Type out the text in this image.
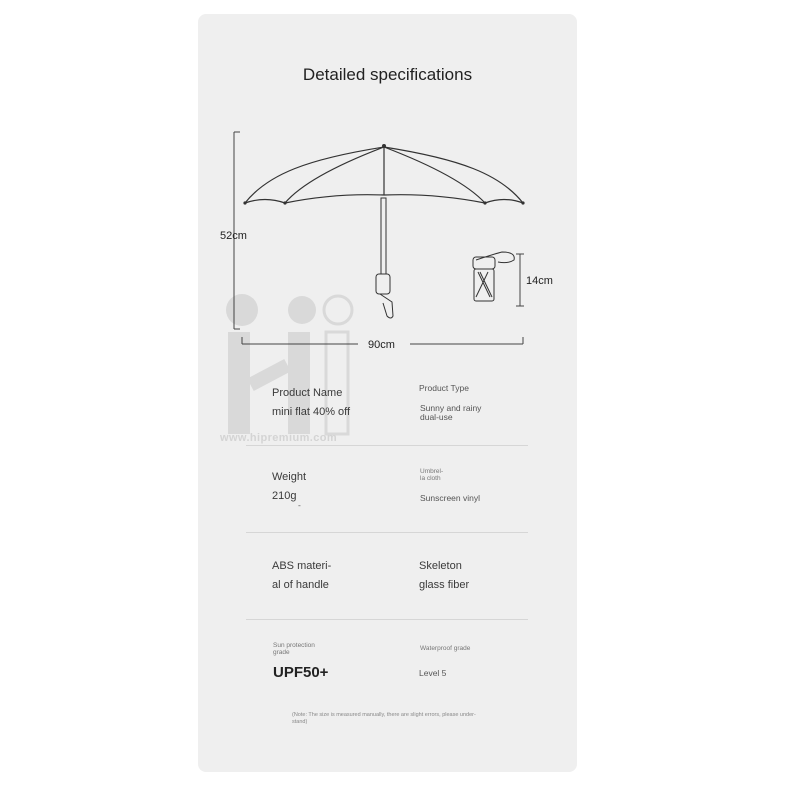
Detailed specifications
www.hipremium.com
52cm
90cm
14cm
Product Name
mini flat 40% off
Product Type
Sunny and rainy
dual-use
Weight
210g
-
Umbrel-
la cloth
Sunscreen vinyl
ABS materi-
al of handle
Skeleton
glass fiber
Sun protection
grade
UPF50+
Waterproof grade
Level 5
(Note: The size is measured manually, there are slight errors, please under-stand)
